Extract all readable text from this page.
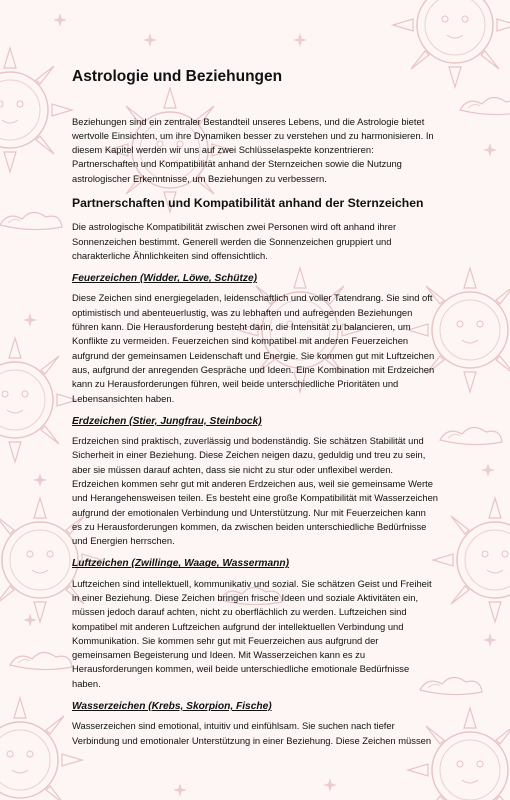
Astrologie und Beziehungen

Beziehungen sind ein zentraler Bestandteil unseres Lebens, und die Astrologie bietet wertvolle Einsichten, um ihre Dynamiken besser zu verstehen und zu harmonisieren. In diesem Kapitel werden wir uns auf zwei Schlüsselaspekte konzentrieren: Partnerschaften und Kompatibilität anhand der Sternzeichen sowie die Nutzung astrologischer Erkenntnisse, um Beziehungen zu verbessern.

Partnerschaften und Kompatibilität anhand der Sternzeichen

Die astrologische Kompatibilität zwischen zwei Personen wird oft anhand ihrer Sonnenzeichen bestimmt. Generell werden die Sonnenzeichen gruppiert und charakterliche Ähnlichkeiten sind offensichtlich.

Feuerzeichen (Widder, Löwe, Schütze)

Diese Zeichen sind energiegeladen, leidenschaftlich und voller Tatendrang. Sie sind oft optimistisch und abenteuerlustig, was zu lebhaften und aufregenden Beziehungen führen kann. Die Herausforderung besteht darin, die Intensität zu balancieren, um Konflikte zu vermeiden. Feuerzeichen sind kompatibel mit anderen Feuerzeichen aufgrund der gemeinsamen Leidenschaft und Energie. Sie kommen gut mit Luftzeichen aus, aufgrund der anregenden Gespräche und Ideen. Eine Kombination mit Erdzeichen kann zu Herausforderungen führen, weil beide unterschiedliche Prioritäten und Lebensansichten haben.

Erdzeichen (Stier, Jungfrau, Steinbock)

Erdzeichen sind praktisch, zuverlässig und bodenständig. Sie schätzen Stabilität und Sicherheit in einer Beziehung. Diese Zeichen neigen dazu, geduldig und treu zu sein, aber sie müssen darauf achten, dass sie nicht zu stur oder unflexibel werden. Erdzeichen kommen sehr gut mit anderen Erdzeichen aus, weil sie gemeinsame Werte und Herangehensweisen teilen. Es besteht eine große Kompatibilität mit Wasserzeichen aufgrund der emotionalen Verbindung und Unterstützung. Nur mit Feuerzeichen kann es zu Herausforderungen kommen, da zwischen beiden unterschiedliche Bedürfnisse und Energien herrschen.

Luftzeichen (Zwillinge, Waage, Wassermann)

Luftzeichen sind intellektuell, kommunikativ und sozial. Sie schätzen Geist und Freiheit in einer Beziehung. Diese Zeichen bringen frische Ideen und soziale Aktivitäten ein, müssen jedoch darauf achten, nicht zu oberflächlich zu werden. Luftzeichen sind kompatibel mit anderen Luftzeichen aufgrund der intellektuellen Verbindung und Kommunikation. Sie kommen sehr gut mit Feuerzeichen aus aufgrund der gemeinsamen Begeisterung und Ideen. Mit Wasserzeichen kann es zu Herausforderungen kommen, weil beide unterschiedliche emotionale Bedürfnisse haben.

Wasserzeichen (Krebs, Skorpion, Fische)

Wasserzeichen sind emotional, intuitiv und einfühlsam. Sie suchen nach tiefer Verbindung und emotionaler Unterstützung in einer Beziehung. Diese Zeichen müssen
